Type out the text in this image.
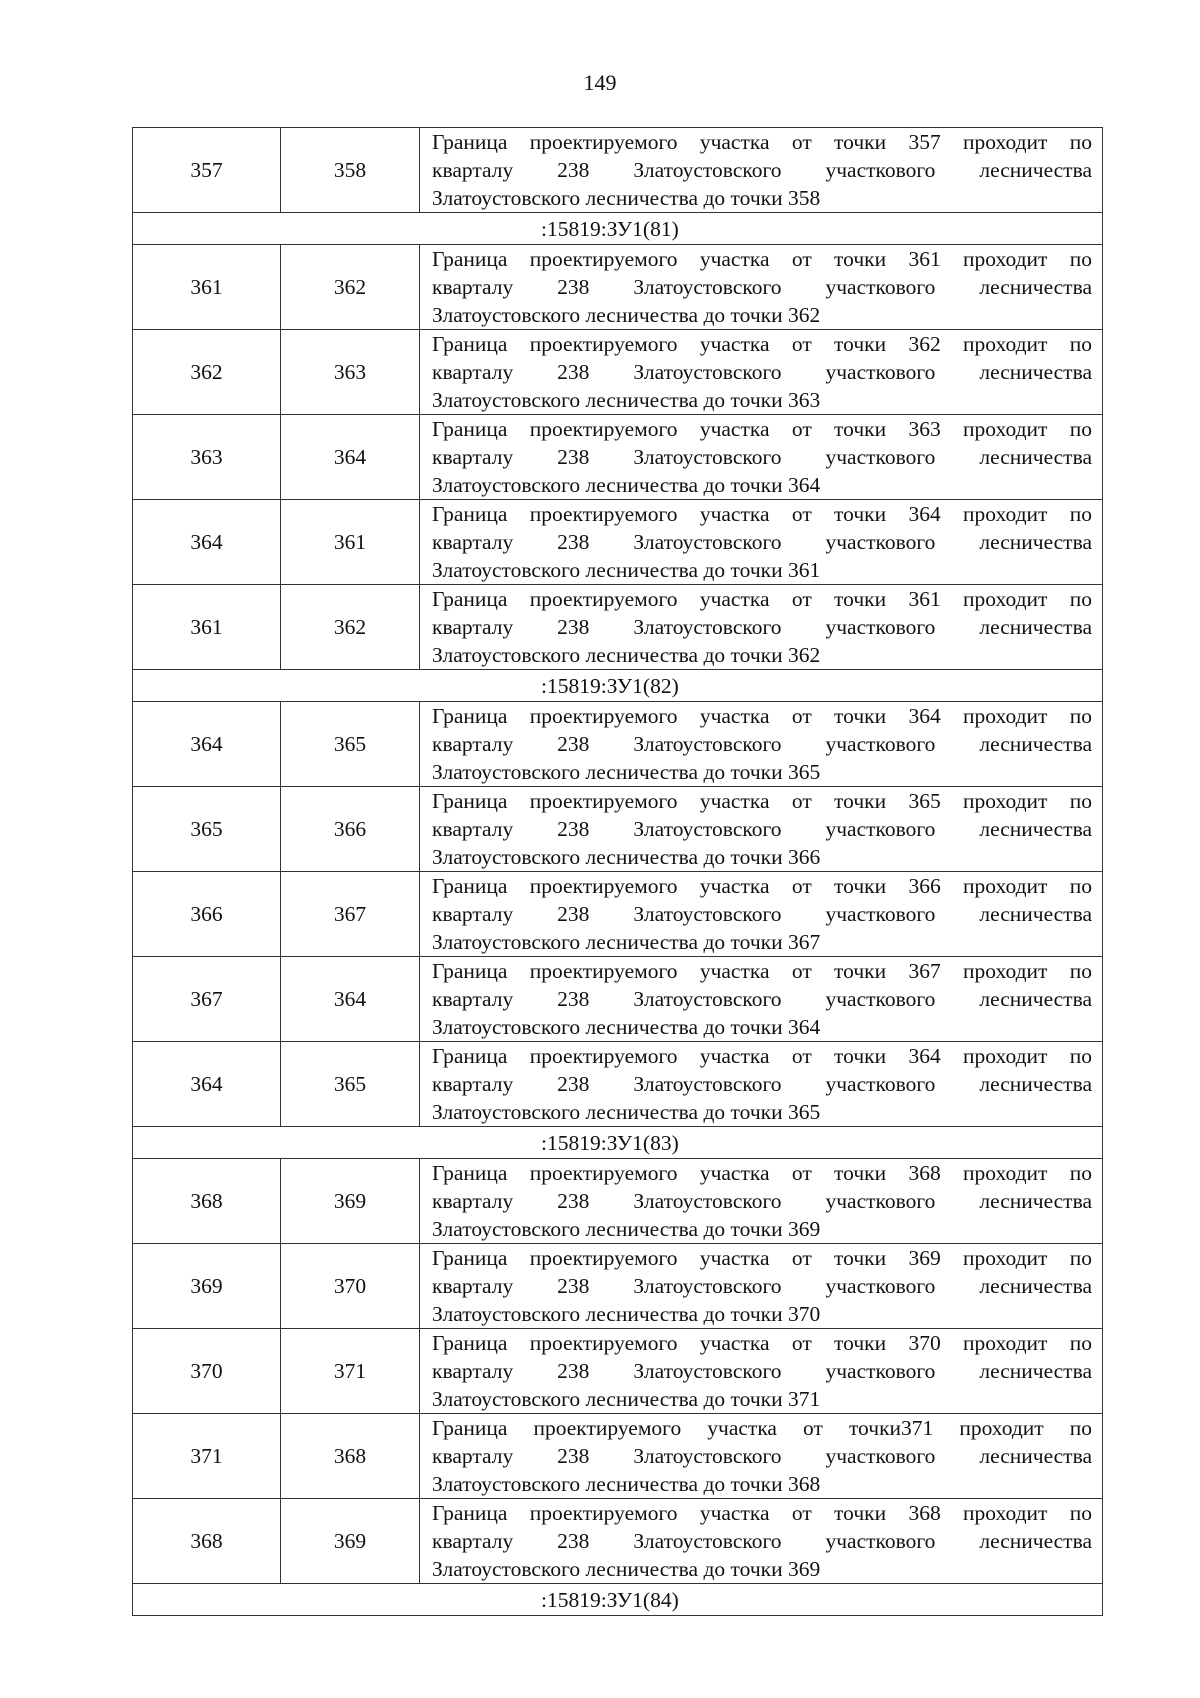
149
357	358	Граница проектируемого участка от точки 357 проходит по
кварталу 238 Златоустовского участкового лесничества
Златоустовского лесничества до точки 358

:15819:ЗУ1(81)		
361	362	Граница проектируемого участка от точки 361 проходит по
кварталу 238 Златоустовского участкового лесничества
Златоустовского лесничества до точки 362

362	363	Граница проектируемого участка от точки 362 проходит по
кварталу 238 Златоустовского участкового лесничества
Златоустовского лесничества до точки 363

363	364	Граница проектируемого участка от точки 363 проходит по
кварталу 238 Златоустовского участкового лесничества
Златоустовского лесничества до точки 364

364	361	Граница проектируемого участка от точки 364 проходит по
кварталу 238 Златоустовского участкового лесничества
Златоустовского лесничества до точки 361

361	362	Граница проектируемого участка от точки 361 проходит по
кварталу 238 Златоустовского участкового лесничества
Златоустовского лесничества до точки 362

:15819:ЗУ1(82)		
364	365	Граница проектируемого участка от точки 364 проходит по
кварталу 238 Златоустовского участкового лесничества
Златоустовского лесничества до точки 365

365	366	Граница проектируемого участка от точки 365 проходит по
кварталу 238 Златоустовского участкового лесничества
Златоустовского лесничества до точки 366

366	367	Граница проектируемого участка от точки 366 проходит по
кварталу 238 Златоустовского участкового лесничества
Златоустовского лесничества до точки 367

367	364	Граница проектируемого участка от точки 367 проходит по
кварталу 238 Златоустовского участкового лесничества
Златоустовского лесничества до точки 364

364	365	Граница проектируемого участка от точки 364 проходит по
кварталу 238 Златоустовского участкового лесничества
Златоустовского лесничества до точки 365

:15819:ЗУ1(83)		
368	369	Граница проектируемого участка от точки 368 проходит по
кварталу 238 Златоустовского участкового лесничества
Златоустовского лесничества до точки 369

369	370	Граница проектируемого участка от точки 369 проходит по
кварталу 238 Златоустовского участкового лесничества
Златоустовского лесничества до точки 370

370	371	Граница проектируемого участка от точки 370 проходит по
кварталу 238 Златоустовского участкового лесничества
Златоустовского лесничества до точки 371

371	368	Граница проектируемого участка от точки371 проходит по
кварталу 238 Златоустовского участкового лесничества
Златоустовского лесничества до точки 368

368	369	Граница проектируемого участка от точки 368 проходит по
кварталу 238 Златоустовского участкового лесничества
Златоустовского лесничества до точки 369

:15819:ЗУ1(84)		
